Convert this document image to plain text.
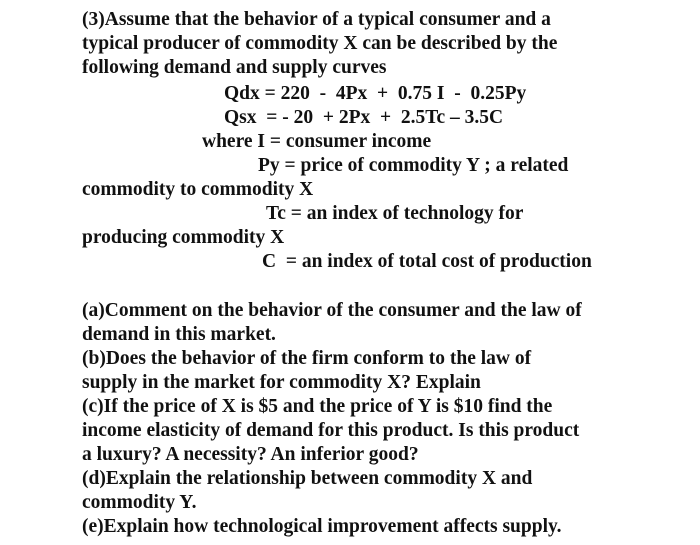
(3)Assume that the behavior of a typical consumer and a

typical producer of commodity X can be described by the

following demand and supply curves

Qdx = 220  -  4Px  +  0.75 I  -  0.25Py

Qsx  = - 20  + 2Px  +  2.5Tc – 3.5C

where I = consumer income

Py = price of commodity Y ; a related

commodity to commodity X

Tc = an index of technology for

producing commodity X

C  = an index of total cost of production

(a)Comment on the behavior of the consumer and the law of

demand in this market.

(b)Does the behavior of the firm conform to the law of

supply in the market for commodity X? Explain

(c)If the price of X is $5 and the price of Y is $10 find the

income elasticity of demand for this product. Is this product

a luxury? A necessity? An inferior good?

(d)Explain the relationship between commodity X and

commodity Y.

(e)Explain how technological improvement affects supply.
